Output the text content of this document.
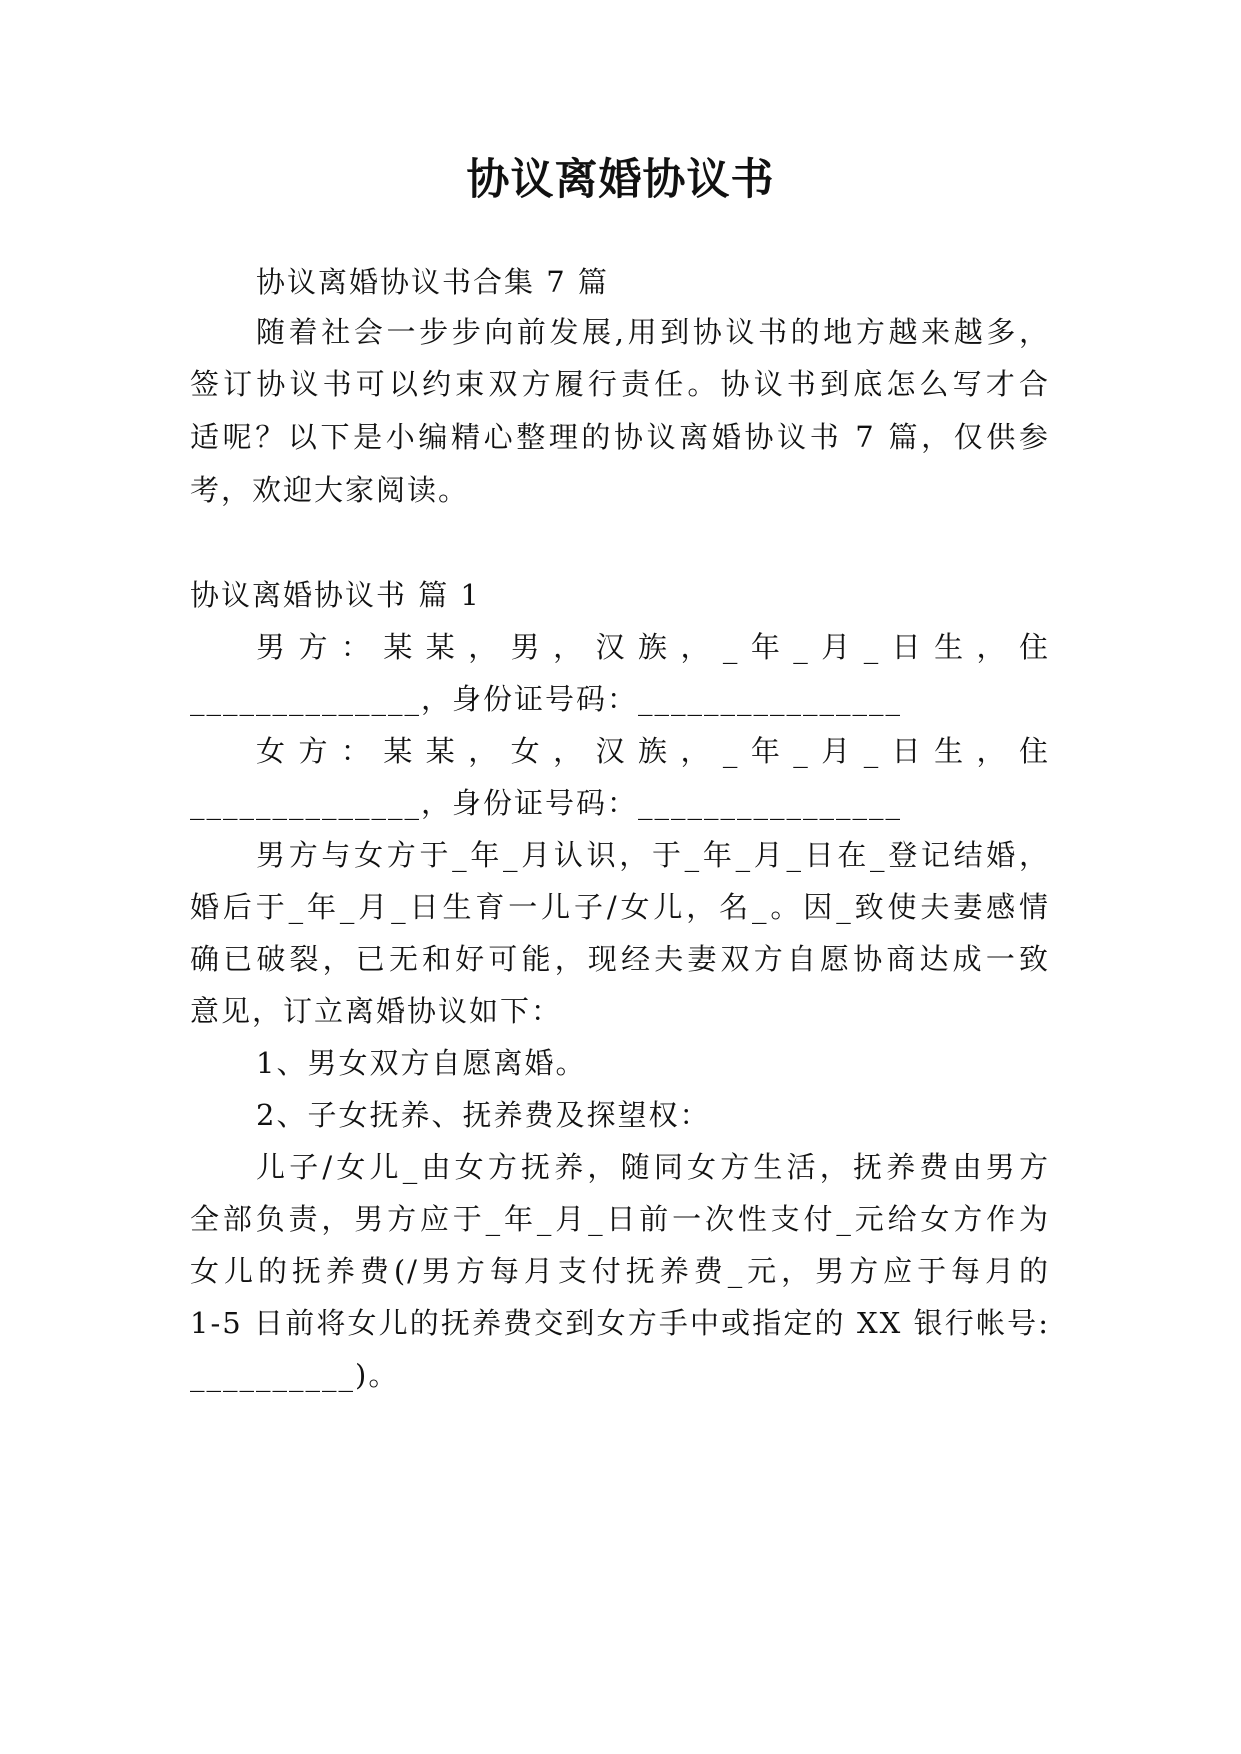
协议离婚协议书

协议离婚协议书合集 7 篇

随着社会一步步向前发展,用到协议书的地方越来越多，

签订协议书可以约束双方履行责任。协议书到底怎么写才合

适呢？以下是小编精心整理的协议离婚协议书 7 篇，仅供参

考，欢迎大家阅读。

协议离婚协议书 篇 1

男方：某某，男，汉族，_年_月_日生，住

______________，身份证号码：________________

女方：某某，女，汉族，_年_月_日生，住

______________，身份证号码：________________

男方与女方于_年_月认识，于_年_月_日在_登记结婚，

婚后于_年_月_日生育一儿子/女儿，名_。因_致使夫妻感情

确已破裂，已无和好可能，现经夫妻双方自愿协商达成一致

意见，订立离婚协议如下：

1、男女双方自愿离婚。

2、子女抚养、抚养费及探望权：

儿子/女儿_由女方抚养，随同女方生活，抚养费由男方

全部负责，男方应于_年_月_日前一次性支付_元给女方作为

女儿的抚养费(/男方每月支付抚养费_元，男方应于每月的

1-5 日前将女儿的抚养费交到女方手中或指定的 XX 银行帐号:

__________)。
